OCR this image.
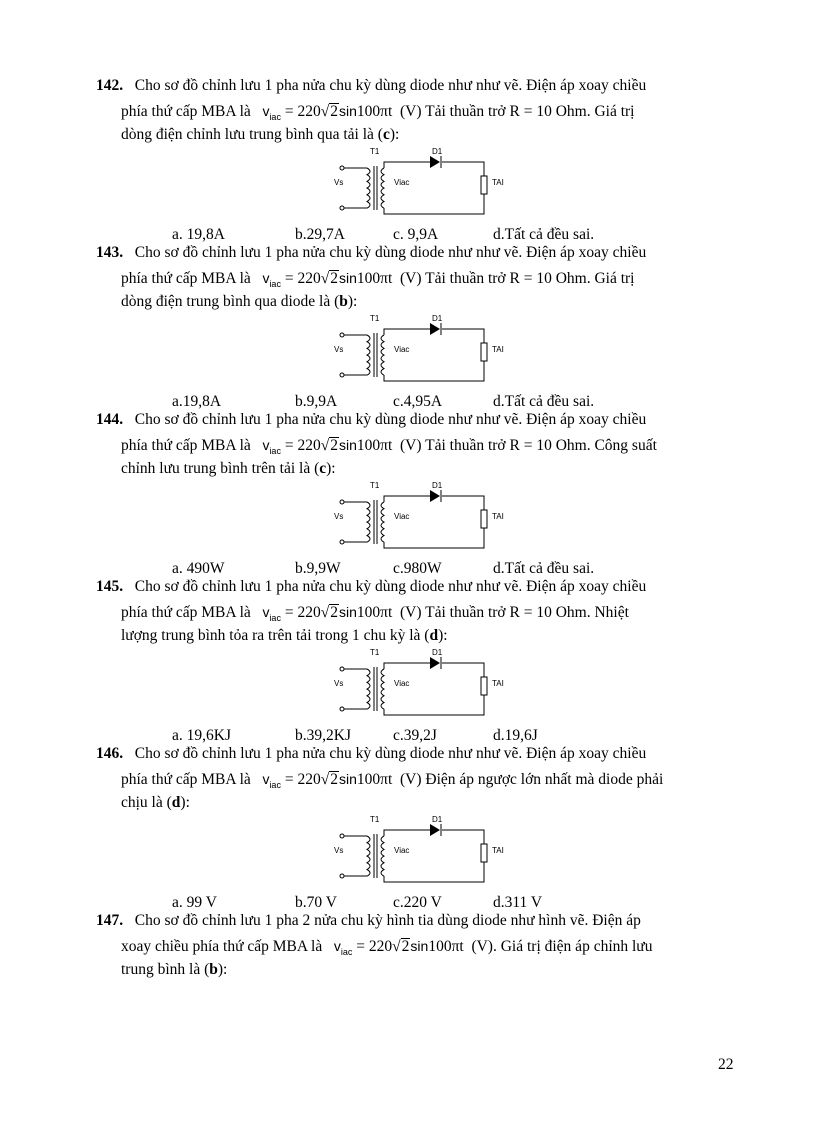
142. Cho sơ đồ chỉnh lưu 1 pha nửa chu kỳ dùng diode như như vẽ. Điện áp xoay chiều
phía thứ cấp MBA là $v_{iac} = 220√2\sin 100\pi t$ (V) Tải thuần trở R = 10 Ohm. Giá trị
dòng điện chỉnh lưu trung bình qua tải là (c):
T1	D1
Vs	Viac	TAI
a. 19,8A	b.29,7A	c. 9,9A	d.Tất cả đều sai.
143. Cho sơ đồ chỉnh lưu 1 pha nửa chu kỳ dùng diode như như vẽ. Điện áp xoay chiều
phía thứ cấp MBA là $v_{iac} = 220√2\sin 100\pi t$ (V) Tải thuần trở R = 10 Ohm. Giá trị
dòng điện trung bình qua diode là (b):
T1	D1
Vs	Viac	TAI
a.19,8A	b.9,9A	c.4,95A	d.Tất cả đều sai.
144. Cho sơ đồ chỉnh lưu 1 pha nửa chu kỳ dùng diode như như vẽ. Điện áp xoay chiều
phía thứ cấp MBA là $v_{iac} = 220√2\sin 100\pi t$ (V) Tải thuần trở R = 10 Ohm. Công suất
chỉnh lưu trung bình trên tải là (c):
T1	D1
Vs	Viac	TAI
a. 490W	b.9,9W	c.980W	d.Tất cả đều sai.
145. Cho sơ đồ chỉnh lưu 1 pha nửa chu kỳ dùng diode như như vẽ. Điện áp xoay chiều
phía thứ cấp MBA là $v_{iac} = 220√2\sin 100\pi t$ (V) Tải thuần trở R = 10 Ohm. Nhiệt
lượng trung bình tỏa ra trên tải trong 1 chu kỳ là (d):
T1	D1
Vs	Viac	TAI
a. 19,6KJ	b.39,2KJ	c.39,2J	d.19,6J
146. Cho sơ đồ chỉnh lưu 1 pha nửa chu kỳ dùng diode như như vẽ. Điện áp xoay chiều
phía thứ cấp MBA là $v_{iac} = 220√2\sin 100\pi t$ (V) Điện áp ngược lớn nhất mà diode phải
chịu là (d):
T1	D1
Vs	Viac	TAI
a. 99 V	b.70 V	c.220 V	d.311 V
147. Cho sơ đồ chỉnh lưu 1 pha 2 nửa chu kỳ hình tia dùng diode như hình vẽ. Điện áp
xoay chiều phía thứ cấp MBA là $v_{iac} = 220√2\sin 100\pi t$ (V). Giá trị điện áp chỉnh lưu
trung bình là (b):
22
